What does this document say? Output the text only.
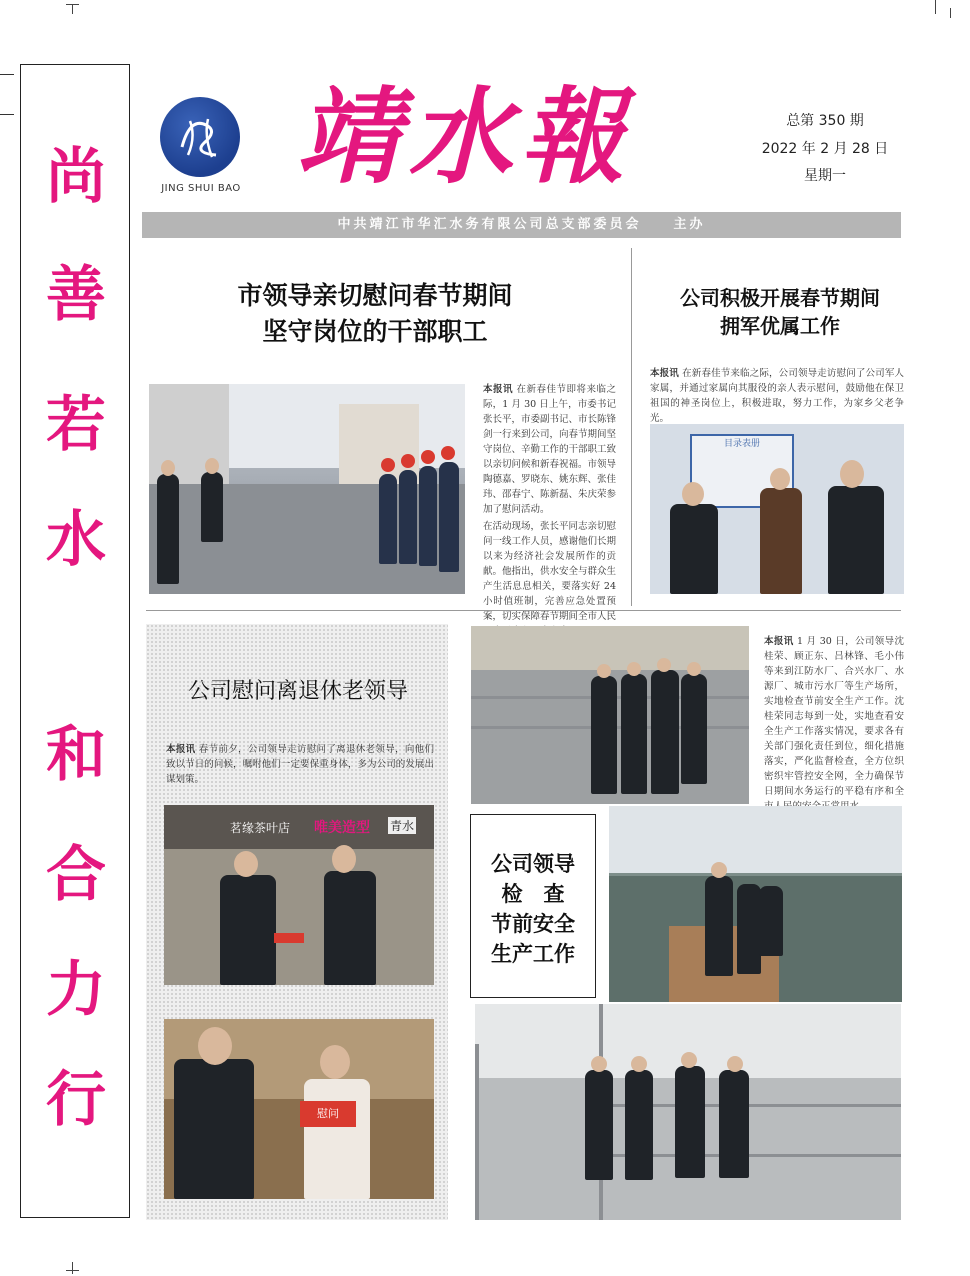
尚
善
若
水
和
合
力
行
JING SHUI BAO 靖水報	总第 350 期
2022 年 2 月 28 日
星期一
中共靖江市华汇水务有限公司总支部委员会　　主办
市领导亲切慰问春节期间
坚守岗位的干部职工
本报讯 在新春佳节即将来临之际，1 月 30 日上午，市委书记张长平，市委副书记、市长陈锋剑一行来到公司，向春节期间坚守岗位、辛勤工作的干部职工致以亲切问候和新春祝福。市领导陶德嘉、罗晓东、姚东辉、张佳玮、邵春宁、陈新磊、朱庆荣参加了慰问活动。
在活动现场，张长平同志亲切慰问一线工作人员，感谢他们长期以来为经济社会发展所作的贡献。他指出，供水安全与群众生产生活息息相关，要落实好 24 小时值班制，完善应急处置预案，切实保障春节期间全市人民
公司积极开展春节期间
拥军优属工作
本报讯 在新春佳节来临之际，公司领导走访慰问了公司军人家属，并通过家属向其服役的亲人表示慰问，鼓励他在保卫祖国的神圣岗位上，积极进取，努力工作，为家乡父老争光。
目录表册
公司慰问离退休老领导
本报讯 春节前夕，公司领导走访慰问了离退休老领导，向他们致以节日的问候，嘱咐他们一定要保重身体，多为公司的发展出谋划策。
茗缘茶叶店 唯美造型 青水
慰问
本报讯 1 月 30 日，公司领导沈桂荣、顾正东、吕林锋、毛小伟等来到江防水厂、合兴水厂、水源厂、城市污水厂等生产场所，实地检查节前安全生产工作。沈桂荣同志每到一处，实地查看安全生产工作落实情况，要求各有关部门强化责任到位，细化措施落实，严化监督检查，全方位织密织牢管控安全网，全力确保节日期间水务运行的平稳有序和全
公司领导
检　查
节前安全
生产工作
